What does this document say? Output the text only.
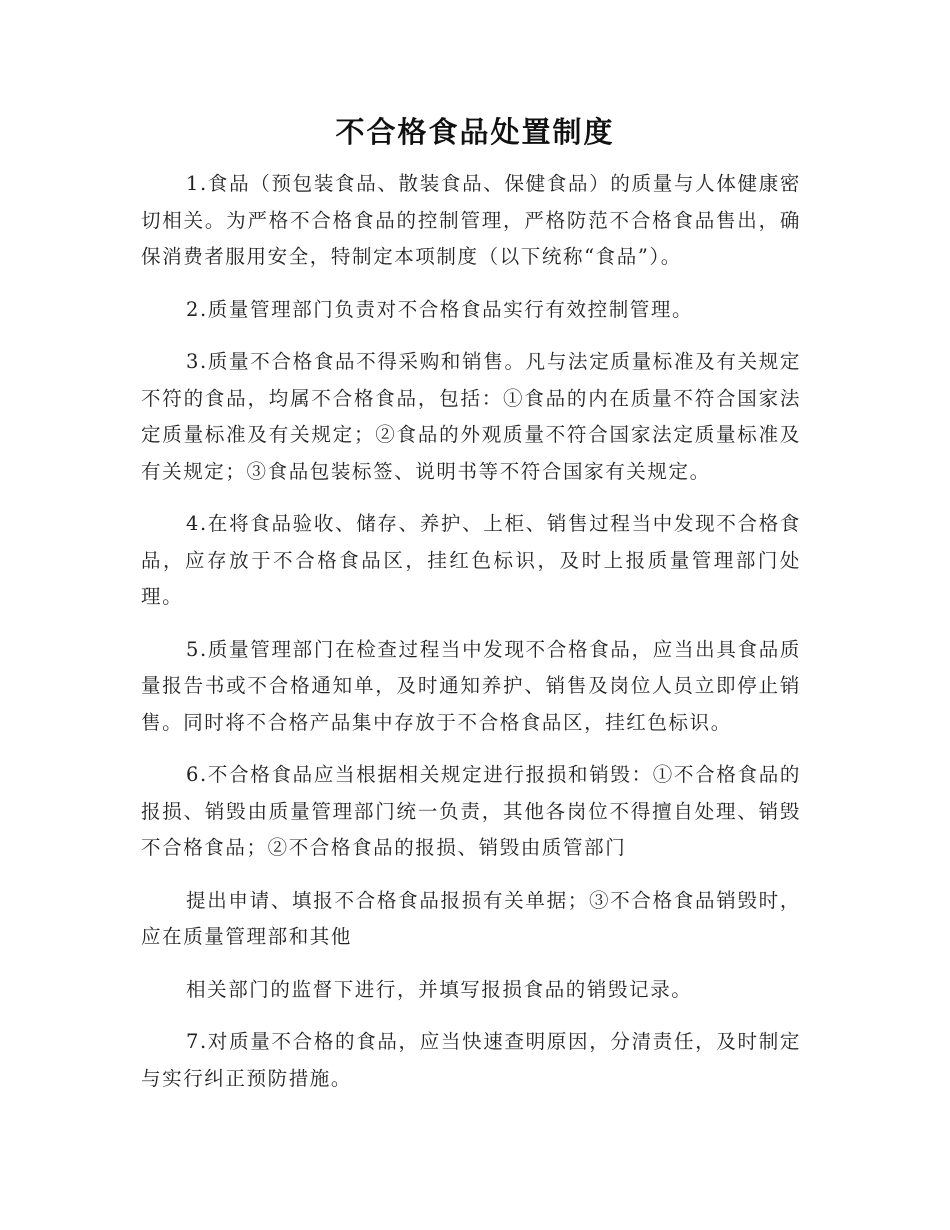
不合格食品处置制度

1.食品（预包装食品、散装食品、保健食品）的质量与人体健康密切相关。为严格不合格食品的控制管理，严格防范不合格食品售出，确保消费者服用安全，特制定本项制度（以下统称“食品”）。

2.质量管理部门负责对不合格食品实行有效控制管理。

3.质量不合格食品不得采购和销售。凡与法定质量标准及有关规定不符的食品，均属不合格食品，包括：①食品的内在质量不符合国家法定质量标准及有关规定；②食品的外观质量不符合国家法定质量标准及有关规定；③食品包装标签、说明书等不符合国家有关规定。

4.在将食品验收、储存、养护、上柜、销售过程当中发现不合格食品，应存放于不合格食品区，挂红色标识，及时上报质量管理部门处理。

5.质量管理部门在检查过程当中发现不合格食品，应当出具食品质量报告书或不合格通知单，及时通知养护、销售及岗位人员立即停止销售。同时将不合格产品集中存放于不合格食品区，挂红色标识。

6.不合格食品应当根据相关规定进行报损和销毁：①不合格食品的报损、销毁由质量管理部门统一负责，其他各岗位不得擅自处理、销毁不合格食品；②不合格食品的报损、销毁由质管部门

提出申请、填报不合格食品报损有关单据；③不合格食品销毁时，应在质量管理部和其他

相关部门的监督下进行，并填写报损食品的销毁记录。

7.对质量不合格的食品，应当快速查明原因，分清责任，及时制定与实行纠正预防措施。
